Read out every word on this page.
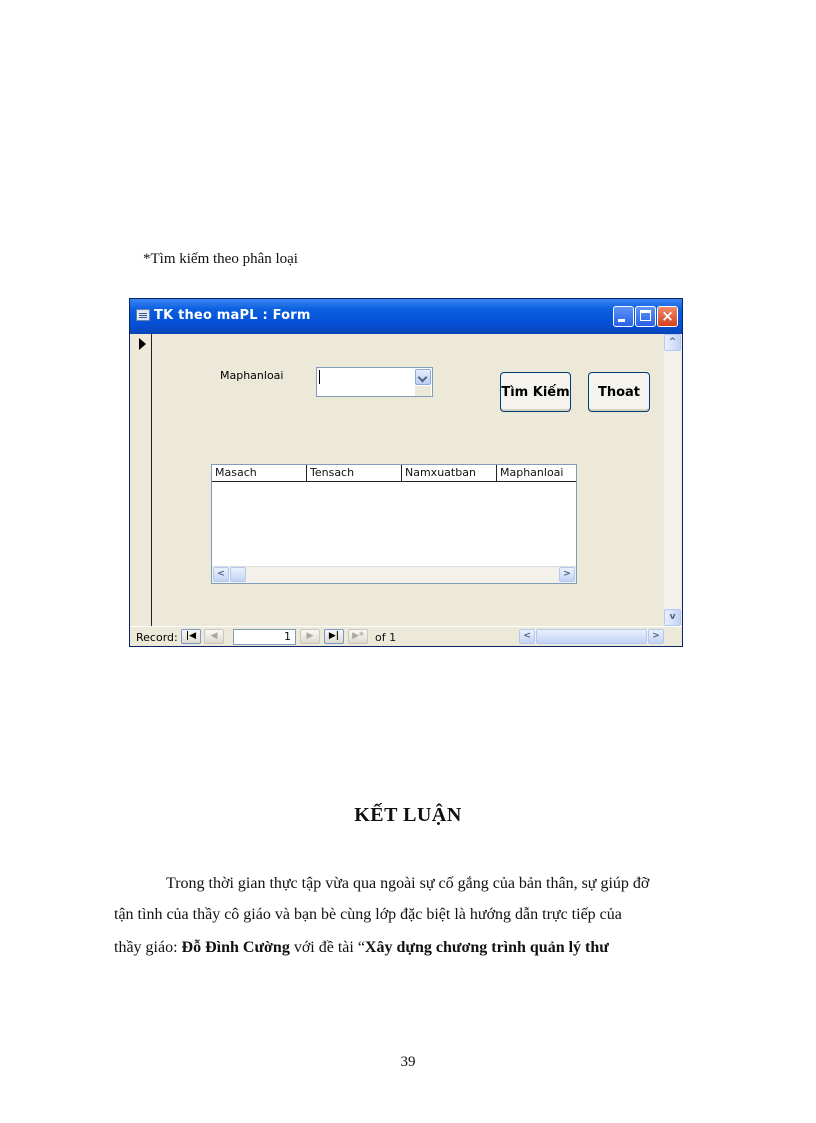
*Tìm kiếm theo phân loại
TK theo maPL : Form	×
Maphanloai
Tìm Kiếm	Thoat
Masach	Tensach	Namxuatban	Maphanloai
<	>
^
v
Record: |◀	◀	1	▶	▶|	▶*	of 1	<	>
KẾT LUẬN
Trong thời gian thực tập vừa qua ngoài sự cố gắng của bản thân, sự giúp đỡ
tận tình của thầy cô giáo và bạn bè cùng lớp đặc biệt là hướng dẫn trực tiếp của
thầy giáo: Đỗ Đình Cường với đề tài “Xây dựng chương trình quản lý thư
39
